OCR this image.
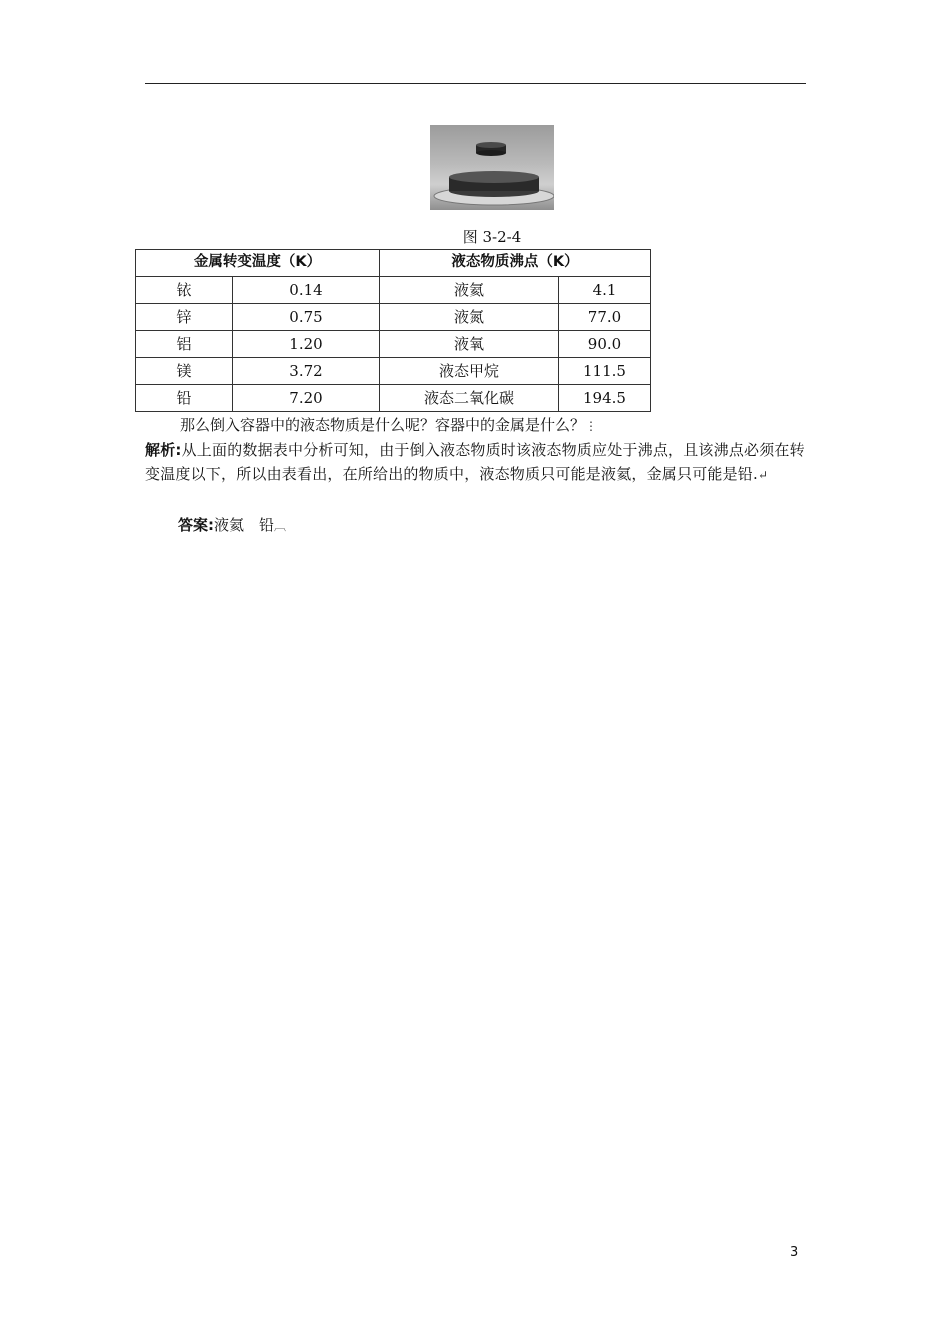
图 3-2-4
金属转变温度（K）		液态物质沸点（K）	
铱	0.14	液氦	4.1
锌	0.75	液氮	77.0
铝	1.20	液氧	90.0
镁	3.72	液态甲烷	111.5
铅	7.20	液态二氧化碳	194.5
那么倒入容器中的液态物质是什么呢？容器中的金属是什么？⋮
解析:从上面的数据表中分析可知，由于倒入液态物质时该液态物质应处于沸点，且该沸点必须在转变温度以下，所以由表看出，在所给出的物质中，液态物质只可能是液氦，金属只可能是铅.↵
答案:液氦　铅︹
3
